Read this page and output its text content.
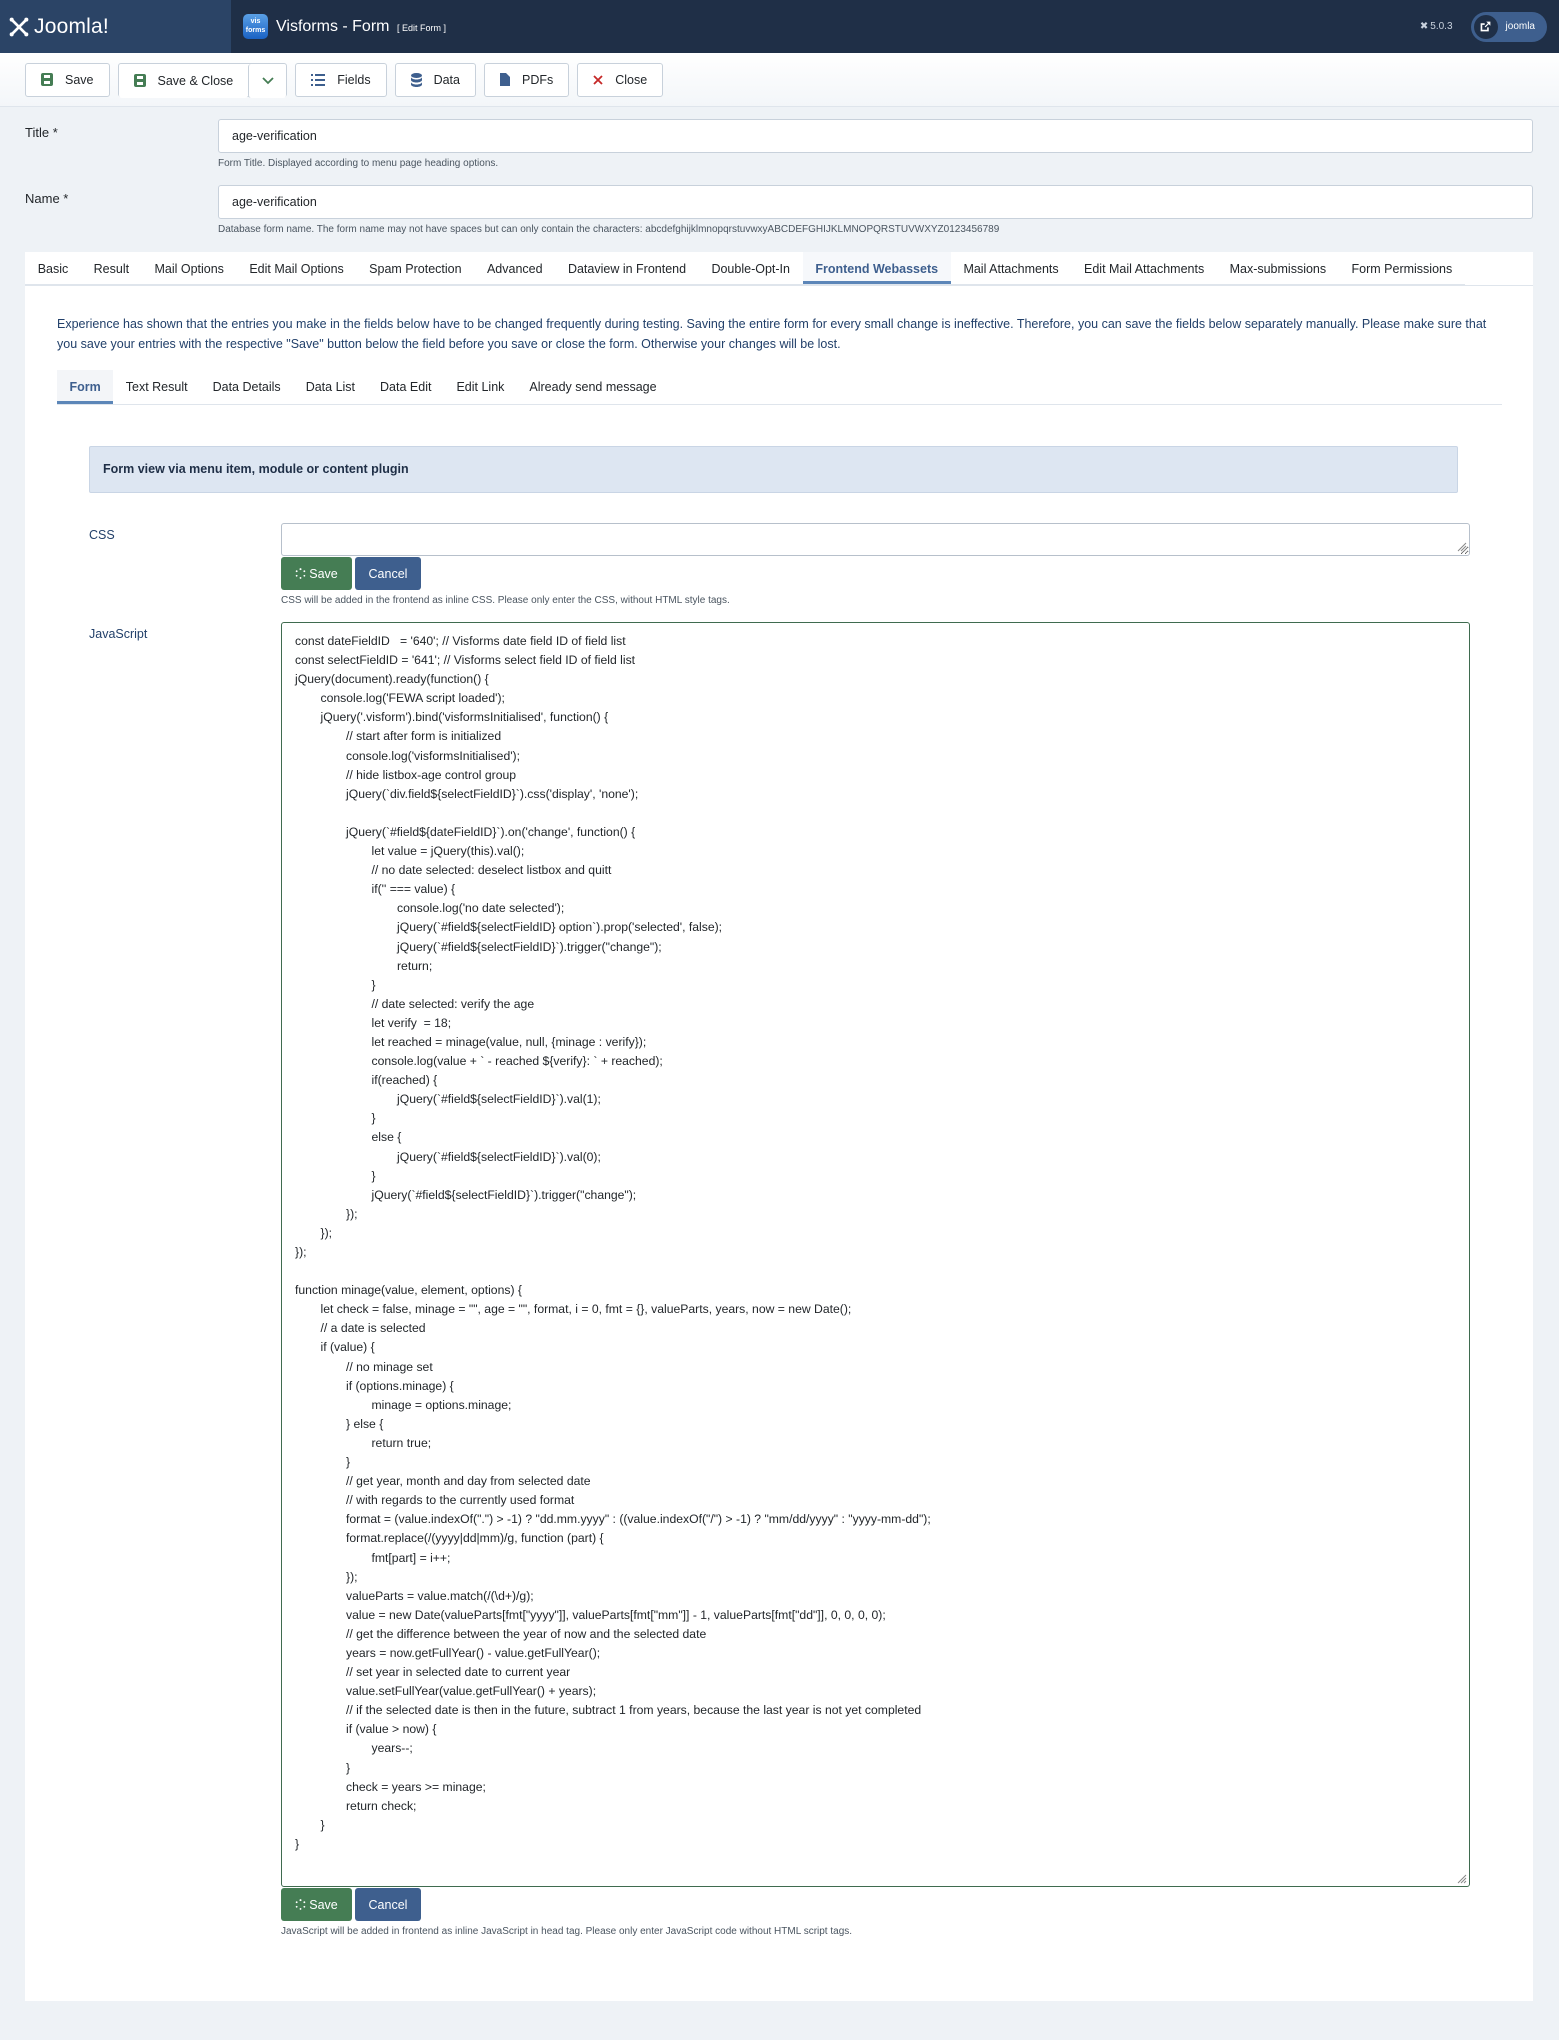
Joomla!	vis forms Visforms - Form [ Edit Form ]	✖ 5.0.3	joomla
Save	Save & Close	Fields	Data	PDFs	Close
Title *
age-verification
Form Title. Displayed according to menu page heading options.
Name *
age-verification
Database form name. The form name may not have spaces but can only contain the characters: abcdefghijklmnopqrstuvwxyABCDEFGHIJKLMNOPQRSTUVWXYZ0123456789
Basic	Result	Mail Options	Edit Mail Options	Spam Protection	Advanced	Dataview in Frontend	Double-Opt-In	Frontend Webassets	Mail Attachments	Edit Mail Attachments	Max-submissions	Form Permissions
Experience has shown that the entries you make in the fields below have to be changed frequently during testing. Saving the entire form for every small change is ineffective. Therefore, you can save the fields below separately manually. Please make sure that you save your entries with the respective "Save" button below the field before you save or close the form. Otherwise your changes will be lost.
Form	Text Result	Data Details	Data List	Data Edit	Edit Link	Already send message
Form view via menu item, module or content plugin
CSS
Save	Cancel
CSS will be added in the frontend as inline CSS. Please only enter the CSS, without HTML style tags.
JavaScript	const dateFieldID   = '640'; // Visforms date field ID of field list
const selectFieldID = '641'; // Visforms select field ID of field list
jQuery(document).ready(function() {
console.log('FEWA script loaded');
jQuery('.visform').bind('visformsInitialised', function() {
// start after form is initialized
console.log('visformsInitialised');
// hide listbox-age control group
jQuery(`div.field${selectFieldID}`).css('display', 'none');
jQuery(`#field${dateFieldID}`).on('change', function() {
let value = jQuery(this).val();
// no date selected: deselect listbox and quitt
if('' === value) {
console.log('no date selected');
jQuery(`#field${selectFieldID} option`).prop('selected', false);
jQuery(`#field${selectFieldID}`).trigger("change");
return;
}
// date selected: verify the age
let verify  = 18;
let reached = minage(value, null, {minage : verify});
console.log(value + ` - reached ${verify}: ` + reached);
if(reached) {
jQuery(`#field${selectFieldID}`).val(1);
}
else {
jQuery(`#field${selectFieldID}`).val(0);
}
jQuery(`#field${selectFieldID}`).trigger("change");
});
});
});
function minage(value, element, options) {
let check = false, minage = "", age = "", format, i = 0, fmt = {}, valueParts, years, now = new Date();
// a date is selected
if (value) {
// no minage set
if (options.minage) {
minage = options.minage;
} else {
return true;
}
// get year, month and day from selected date
// with regards to the currently used format
format = (value.indexOf(".") > -1) ? "dd.mm.yyyy" : ((value.indexOf("/") > -1) ? "mm/dd/yyyy" : "yyyy-mm-dd");
format.replace(/(yyyy|dd|mm)/g, function (part) {
fmt[part] = i++;
});
valueParts = value.match(/(\d+)/g);
value = new Date(valueParts[fmt["yyyy"]], valueParts[fmt["mm"]] - 1, valueParts[fmt["dd"]], 0, 0, 0, 0);
// get the difference between the year of now and the selected date
years = now.getFullYear() - value.getFullYear();
// set year in selected date to current year
value.setFullYear(value.getFullYear() + years);
// if the selected date is then in the future, subtract 1 from years, because the last year is not yet completed
if (value > now) {
years--;
}
check = years >= minage;
return check;
}
}
Save	Cancel
JavaScript will be added in frontend as inline JavaScript in head tag. Please only enter JavaScript code without HTML script tags.
